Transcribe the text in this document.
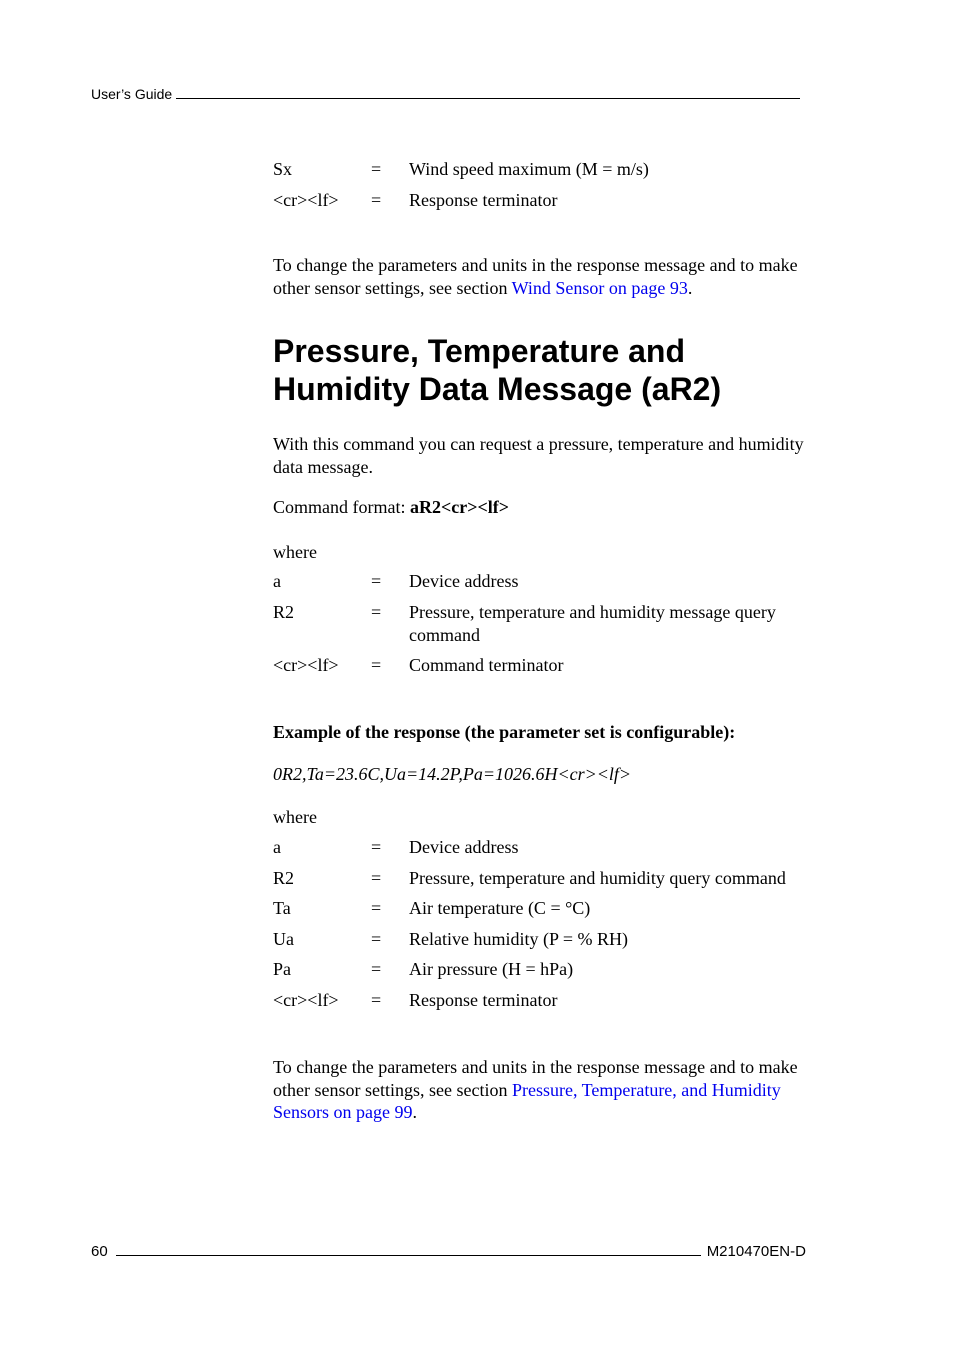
User’s Guide
Sx	= Wind speed maximum (M = m/s)
<cr><lf> = Response terminator

To change the parameters and units in the response message and to make other sensor settings, see section Wind Sensor on page 93.

Pressure, Temperature and
Humidity Data Message (aR2)

With this command you can request a pressure, temperature and humidity data message.

Command format: aR2<cr><lf>

where

a	= Device address
R2	= Pressure, temperature and humidity message query command
<cr><lf> = Command terminator

Example of the response (the parameter set is configurable):

0R2,Ta=23.6C,Ua=14.2P,Pa=1026.6H<cr><lf>

where

a	= Device address
R2	= Pressure, temperature and humidity query command
Ta	= Air temperature (C = °C)
Ua	= Relative humidity (P = % RH)
Pa	= Air pressure (H = hPa)
<cr><lf> = Response terminator

To change the parameters and units in the response message and to make other sensor settings, see section Pressure, Temperature, and Humidity Sensors on page 99.

60	M210470EN-D
